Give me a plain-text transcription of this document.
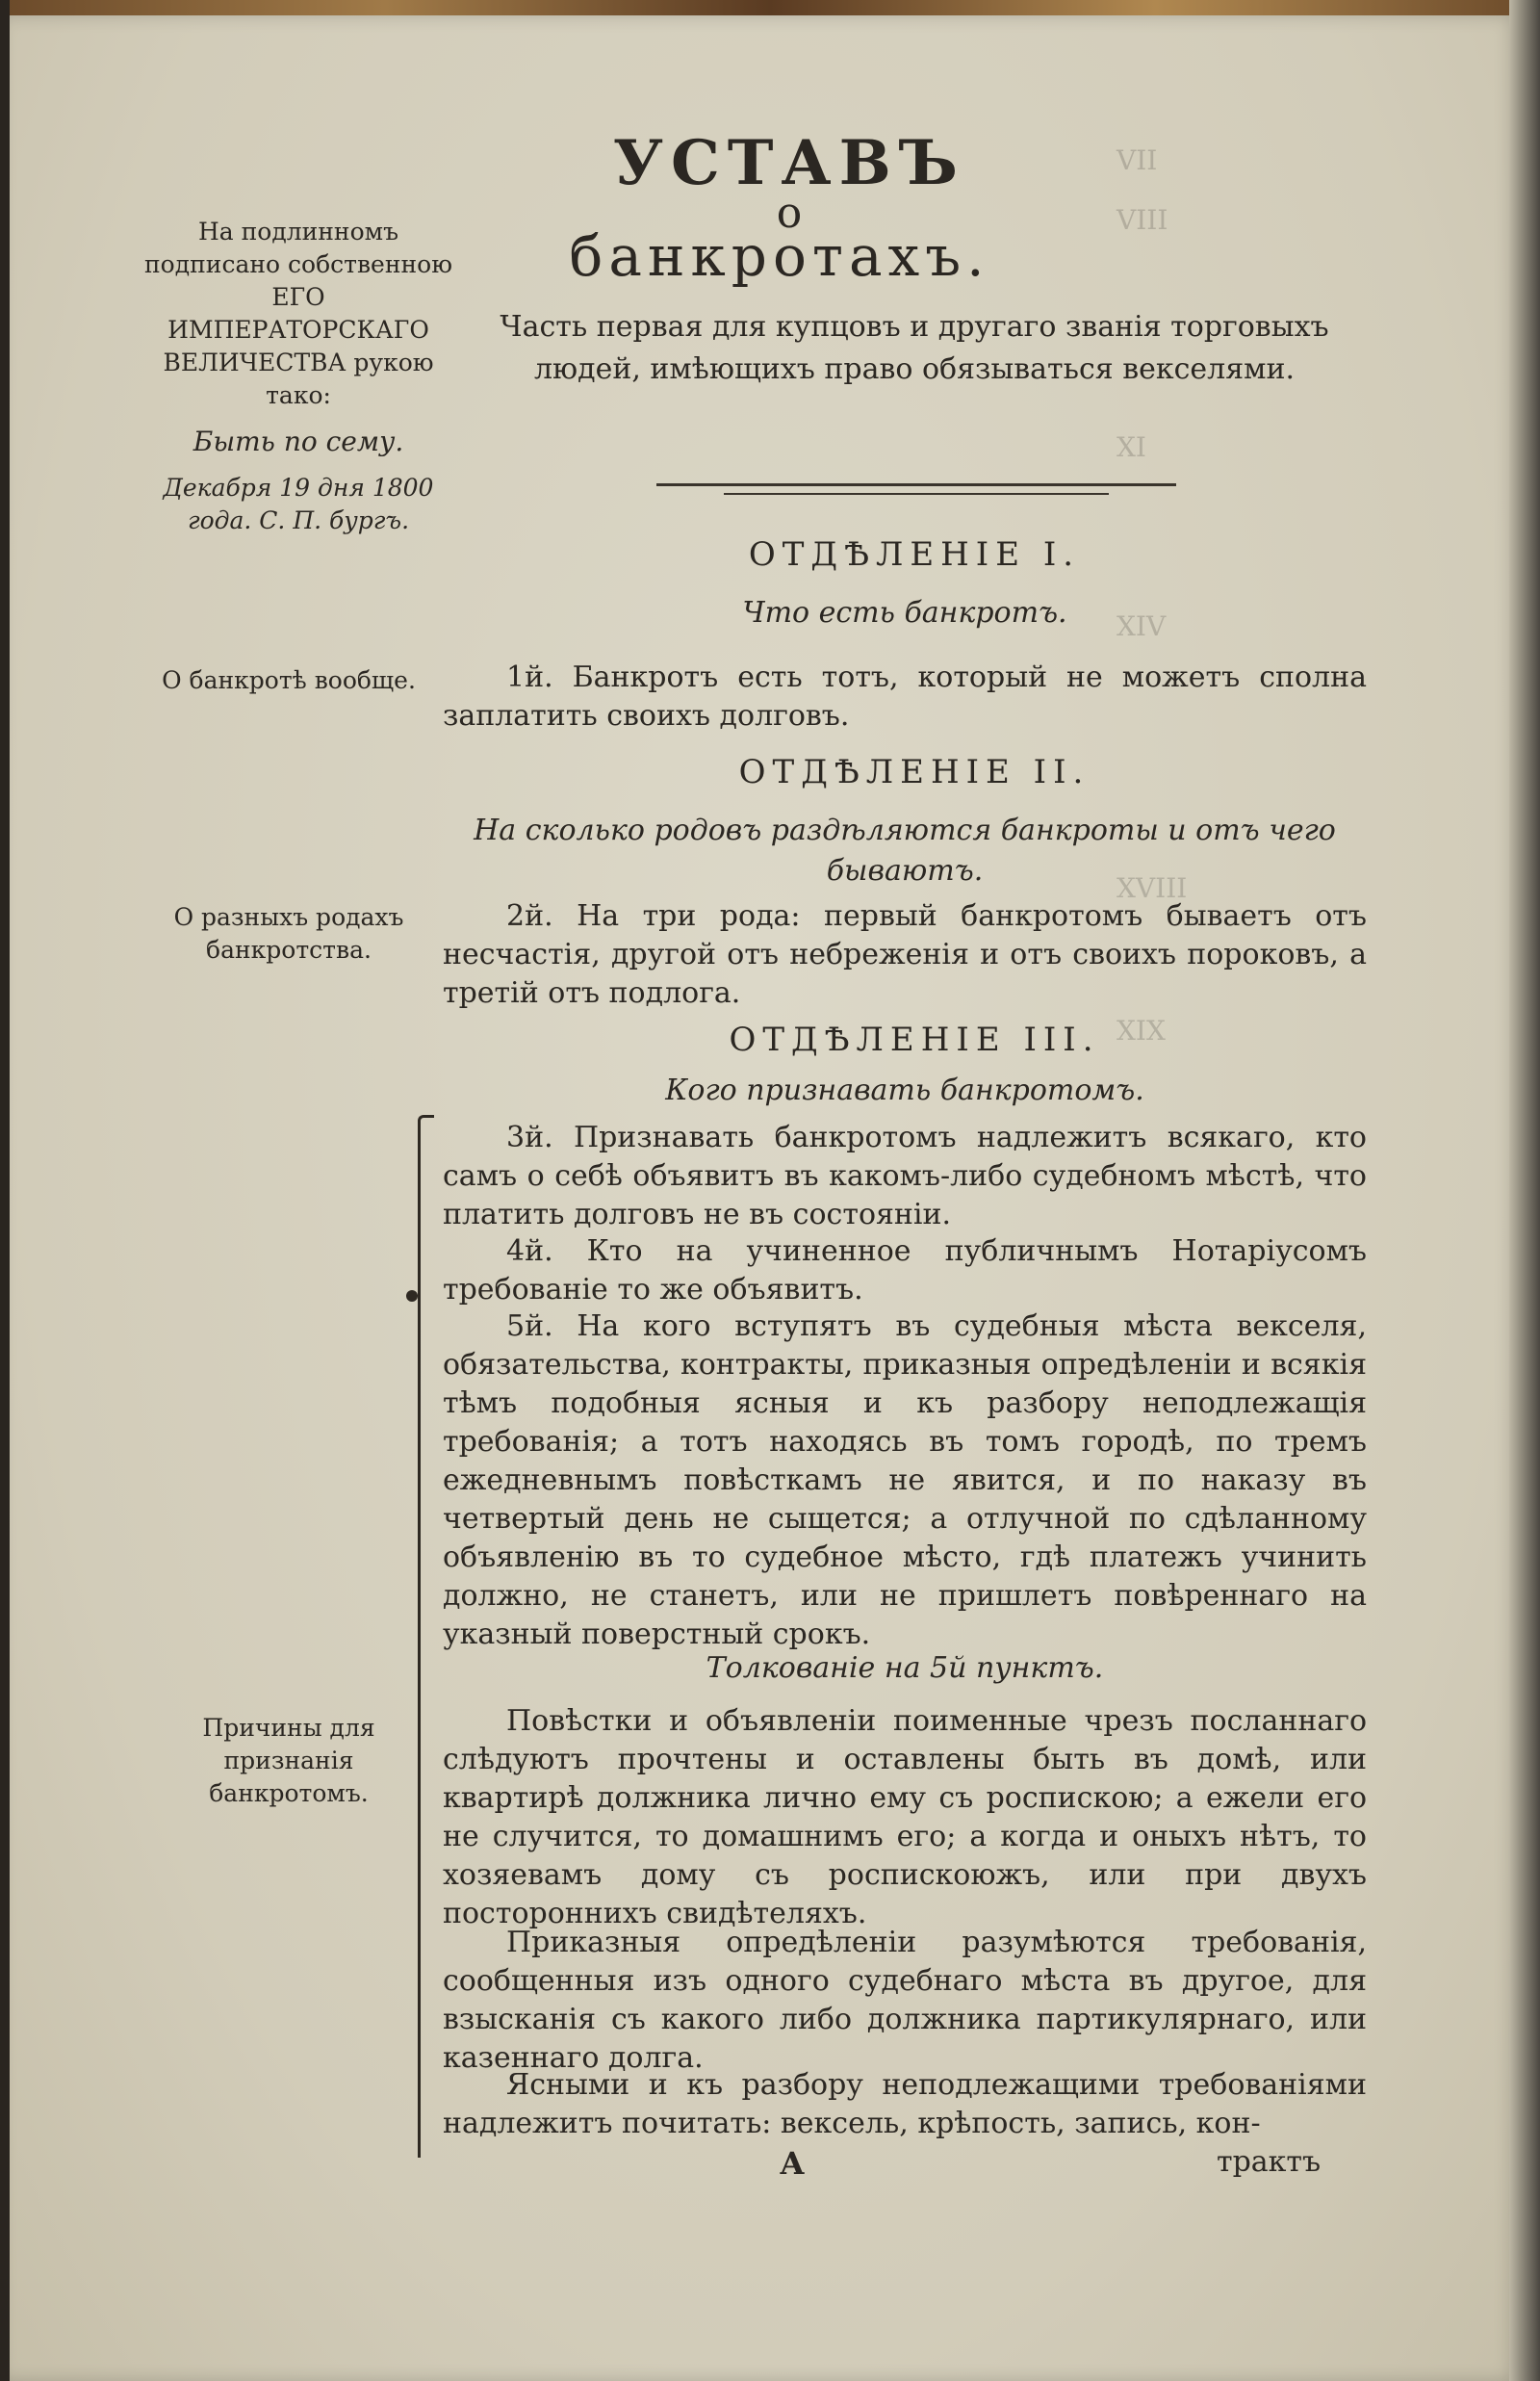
VII
VIII
XI
XIV
XVIII
XIX
УСТАВЪ
о
банкротахъ.
Часть первая для купцовъ и другаго званія торговыхъ людей, имѣющихъ право обязываться векселями.
На подлинномъ подписано собственною ЕГО ИМПЕРАТОРСКАГО ВЕЛИЧЕСТВА рукою тако:
Быть по сему.
Декабря 19 дня 1800 года. С. П. бургъ.
ОТДѢЛЕНІЕ I.
Что есть банкротъ.
О банкротѣ вообще.	1й. Банкротъ есть тотъ, который не можетъ сполна заплатить своихъ долговъ.
ОТДѢЛЕНІЕ II.
На сколько родовъ раздѣляются банкроты и отъ чего бываютъ.
О разныхъ родахъ банкротства.
2й. На три рода: первый банкротомъ бываетъ отъ несчастія, другой отъ небреженія и отъ своихъ пороковъ, а третій отъ подлога.
ОТДѢЛЕНІЕ III.
Кого признавать банкротомъ.
3й. Признавать банкротомъ надлежитъ всякаго, кто самъ о себѣ объявитъ въ какомъ-либо судебномъ мѣстѣ, что платить долговъ не въ состояніи.
4й. Кто на учиненное публичнымъ Нотаріусомъ требованіе то же объявитъ.
5й. На кого вступятъ въ судебныя мѣста векселя, обязательства, контракты, приказныя опредѣленіи и всякія тѣмъ подобныя ясныя и къ разбору неподлежащія требованія; а тотъ находясь въ томъ городѣ, по тремъ ежедневнымъ повѣсткамъ не явится, и по наказу въ четвертый день не сыщется; а отлучной по сдѣланному объявленію въ то судебное мѣсто, гдѣ платежъ учинить должно, не станетъ, или не пришлетъ повѣреннаго на указный поверстный срокъ.
Толкованіе на 5й пунктъ.
Причины для признанія банкротомъ.
Повѣстки и объявленіи поименные чрезъ посланнаго слѣдуютъ прочтены и оставлены быть въ домѣ, или квартирѣ должника лично ему съ роспискою; а ежели его не случится, то домашнимъ его; а когда и оныхъ нѣтъ, то хозяевамъ дому съ роспискоюжъ, или при двухъ постороннихъ свидѣтеляхъ.
Приказныя опредѣленіи разумѣются требованія, сообщенныя изъ одного судебнаго мѣста въ другое, для взысканія съ какого либо должника партикулярнаго, или казеннаго долга.
Ясными и къ разбору неподлежащими требованіями надлежитъ почитать: вексель, крѣпость, запись, кон-
А	трактъ
